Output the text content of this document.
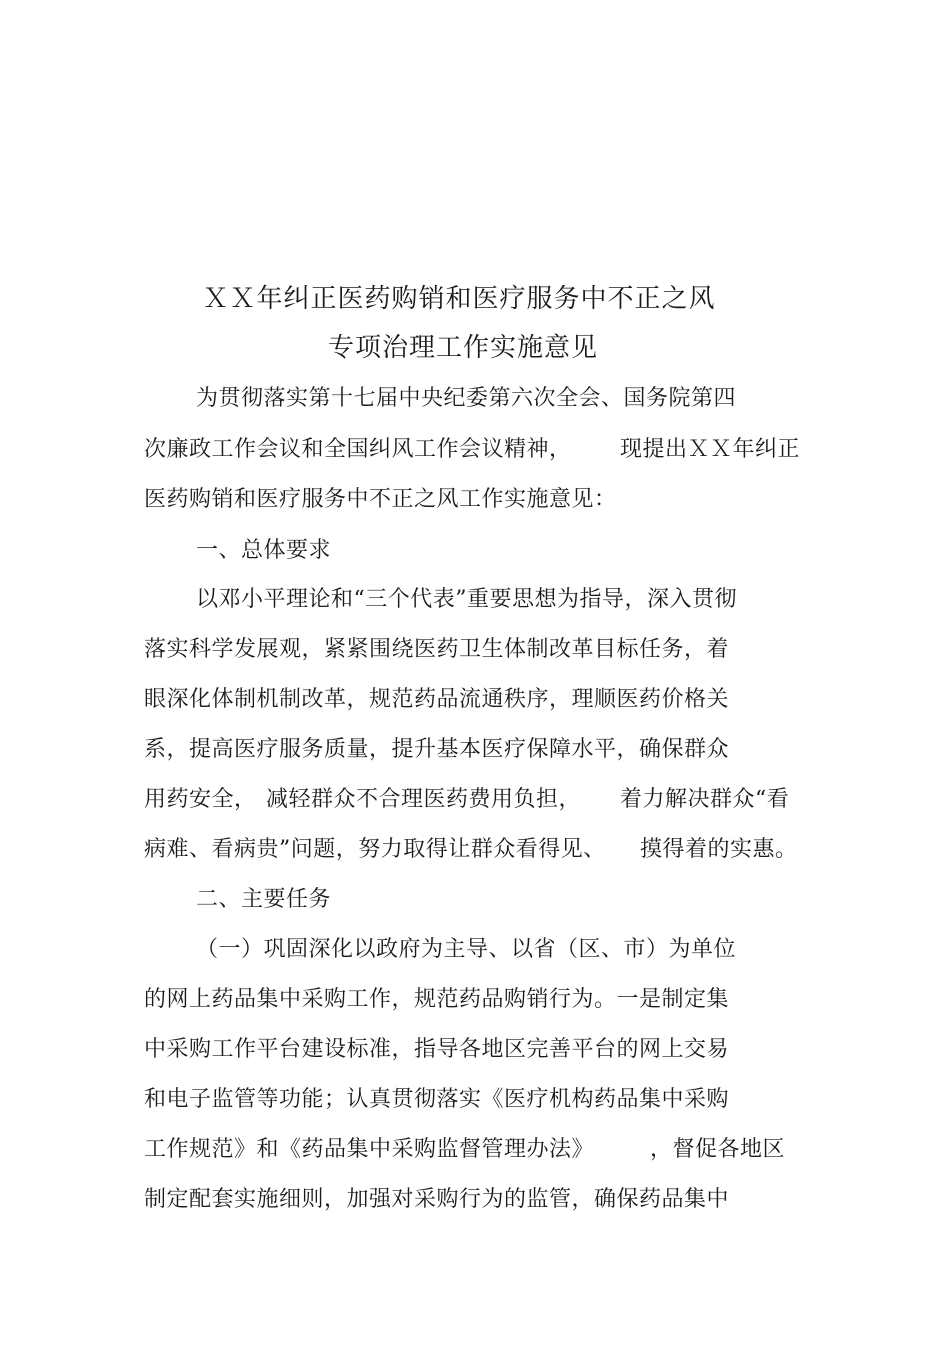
ＸＸ年纠正医药购销和医疗服务中不正之风
专项治理工作实施意见
为贯彻落实第十七届中央纪委第六次全会、国务院第四
次廉政工作会议和全国纠风工作会议精神， 现提出ＸＸ年纠正
医药购销和医疗服务中不正之风工作实施意见：
一、总体要求
以邓小平理论和“三个代表”重要思想为指导，深入贯彻
落实科学发展观，紧紧围绕医药卫生体制改革目标任务，着
眼深化体制机制改革，规范药品流通秩序，理顺医药价格关
系，提高医疗服务质量，提升基本医疗保障水平，确保群众
用药安全， 减轻群众不合理医药费用负担， 着力解决群众“看
病难、看病贵”问题，努力取得让群众看得见、 摸得着的实惠。
二、主要任务
（一）巩固深化以政府为主导、以省（区、市）为单位
的网上药品集中采购工作，规范药品购销行为。一是制定集
中采购工作平台建设标准，指导各地区完善平台的网上交易
和电子监管等功能；认真贯彻落实《医疗机构药品集中采购
工作规范》和《药品集中采购监督管理办法》	，督促各地区
制定配套实施细则，加强对采购行为的监管，确保药品集中
